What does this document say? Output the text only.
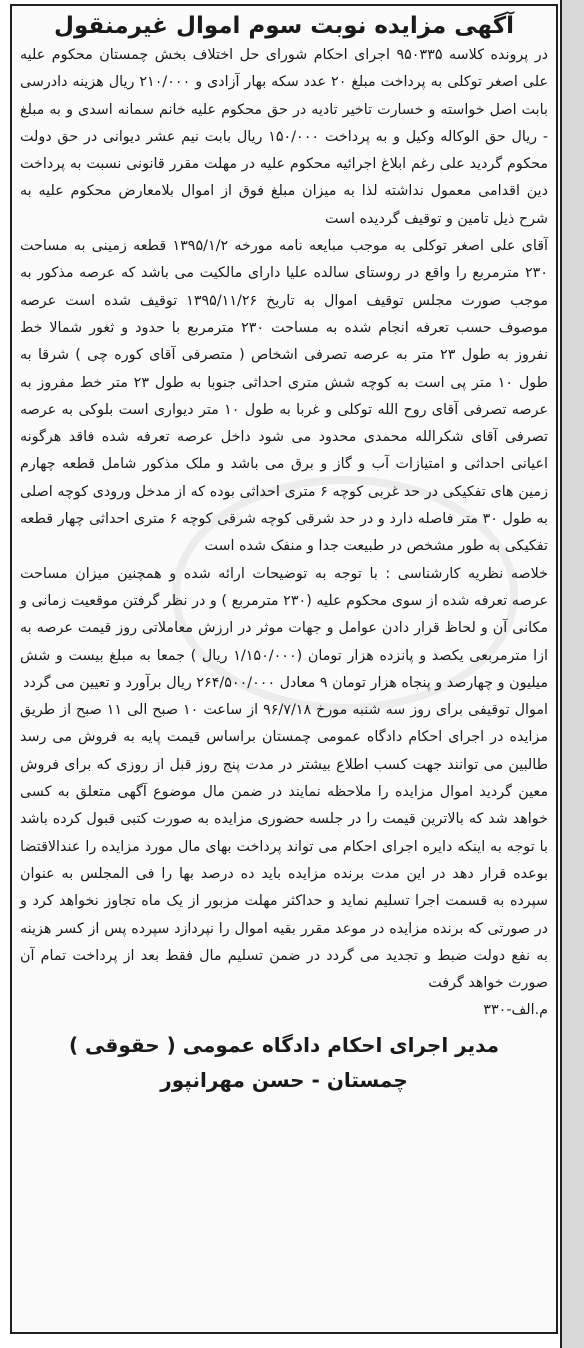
آگهی مزایده نوبت سوم اموال غیرمنقول

در پرونده کلاسه ۹۵۰۳۳۵ اجرای احکام شورای حل اختلاف بخش چمستان محکوم علیه علی اصغر توکلی به پرداخت مبلغ ۲۰ عدد سکه بهار آزادی و ۲۱۰/۰۰۰ ریال هزینه دادرسی بابت اصل خواسته و خسارت تاخیر تادیه در حق محکوم علیه خانم سمانه اسدی و به مبلغ - ریال حق الوکاله وکیل و به پرداخت ۱۵۰/۰۰۰ ریال بابت نیم عشر دیوانی در حق دولت محکوم گردید علی رغم ابلاغ اجرائیه محکوم علیه در مهلت مقرر قانونی نسبت به پرداخت دین اقدامی معمول نداشته لذا به میزان مبلغ فوق از اموال بلامعارض محکوم علیه به شرح ذیل تامین و توقیف گردیده است

آقای علی اصغر توکلی به موجب مبایعه نامه مورخه ۱۳۹۵/۱/۲ قطعه زمینی به مساحت ۲۳۰ مترمربع را واقع در روستای سالده علیا دارای مالکیت می باشد که عرصه مذکور به موجب صورت مجلس توقیف اموال به تاریخ ۱۳۹۵/۱۱/۲۶ توقیف شده است عرصه موصوف حسب تعرفه انجام شده به مساحت ۲۳۰ مترمربع با حدود و ثغور شمالا خط نفروز به طول ۲۳ متر به عرصه تصرفی اشخاص ( متصرفی آقای کوره چی ) شرقا به طول ۱۰ متر پی است به کوچه شش متری احداثی جنوبا به طول ۲۳ متر خط مفروز به عرصه تصرفی آقای روح الله توکلی و غربا به طول ۱۰ متر دیواری است بلوکی به عرصه تصرفی آقای شکرالله محمدی محدود می شود داخل عرصه تعرفه شده فاقد هرگونه اعیانی احداثی و امتیازات آب و گاز و برق می باشد و ملک مذکور شامل قطعه چهارم زمین های تفکیکی در حد غربی کوچه ۶ متری احداثی بوده که از مدخل ورودی کوچه اصلی به طول ۳۰ متر فاصله دارد و در حد شرقی کوچه شرقی کوچه ۶ متری احداثی چهار قطعه تفکیکی به طور مشخص در طبیعت جدا و منفک شده است

خلاصه نظریه کارشناسی : با توجه به توضیحات ارائه شده و همچنین میزان مساحت عرصه تعرفه شده از سوی محکوم علیه (۲۳۰ مترمربع ) و در نظر گرفتن موقعیت زمانی و مکانی آن و لحاظ قرار دادن عوامل و جهات موثر در ارزش معاملاتی روز قیمت عرصه به ازا مترمربعی یکصد و پانزده هزار تومان (۱/۱۵۰/۰۰۰ ریال ) جمعا به مبلغ بیست و شش میلیون و چهارصد و پنجاه هزار تومان ۹ معادل ۲۶۴/۵۰۰/۰۰۰ ریال برآورد و تعیین می گردد

اموال توقیفی برای روز سه شنبه مورخ ۹۶/۷/۱۸ از ساعت ۱۰ صبح الی ۱۱ صبح از طریق مزایده در اجرای احکام دادگاه عمومی چمستان براساس قیمت پایه به فروش می رسد طالبین می توانند جهت کسب اطلاع بیشتر در مدت پنج روز قبل از روزی که برای فروش معین گردید اموال مزایده را ملاحظه نمایند در ضمن مال موضوع آگهی متعلق به کسی خواهد شد که بالاترین قیمت را در جلسه حضوری مزایده به صورت کتبی قبول کرده باشد با توجه به اینکه دایره اجرای احکام می تواند پرداخت بهای مال مورد مزایده را عندالاقتضا بوعده قرار دهد در این مدت برنده مزایده باید ده درصد بها را فی المجلس به عنوان سپرده به قسمت اجرا تسلیم نماید و حداکثر مهلت مزبور از یک ماه تجاوز نخواهد کرد و در صورتی که برنده مزایده در موعد مقرر بقیه اموال را نپردازد سپرده پس از کسر هزینه به نفع دولت ضبط و تجدید می گردد در ضمن تسلیم مال فقط بعد از پرداخت تمام آن صورت خواهد گرفت

م.الف-۳۳۰

مدیر اجرای احکام دادگاه عمومی ( حقوقی )
چمستان - حسن مهرانپور
